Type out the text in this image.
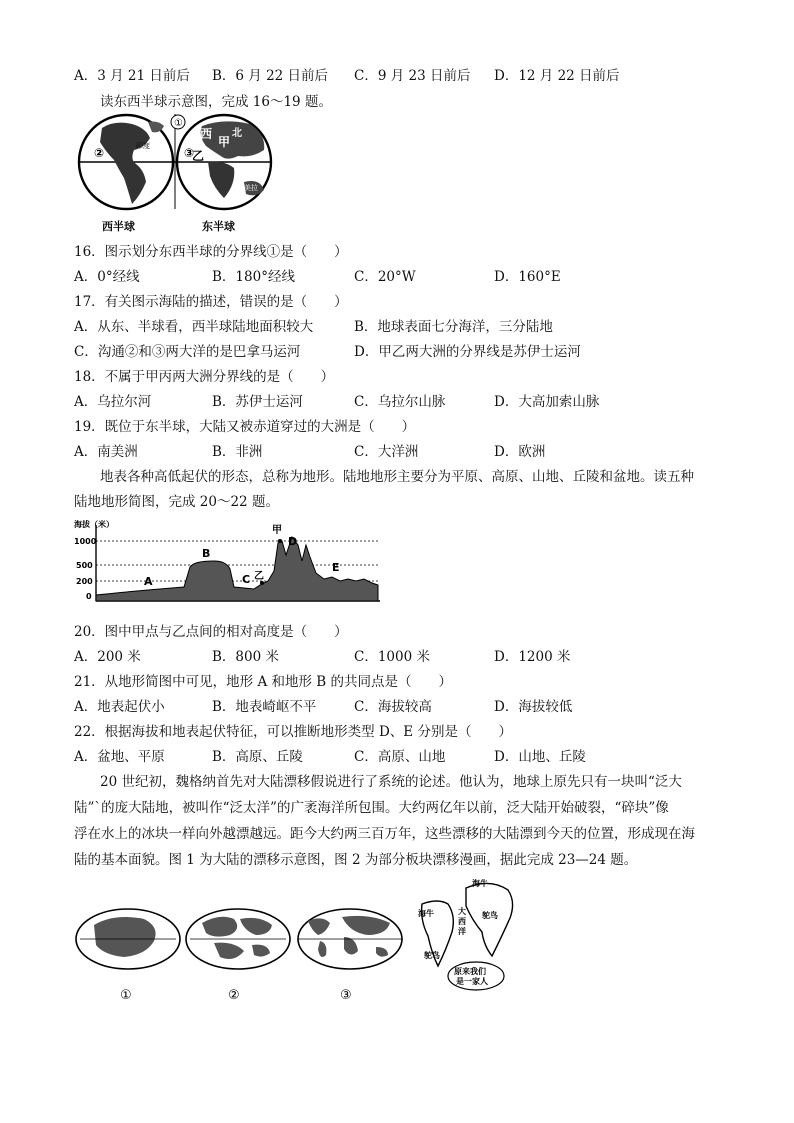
A．3 月 21 日前后 B．6 月 22 日前后 C．9 月 23 日前后 D．12 月 22 日前后
读东西半球示意图，完成 16～19 题。
①
②	③
西 北
甲
乙
印度
美拉
西半球	东半球
16．图示划分东西半球的分界线①是（　　）
A．0°经线	B．180°经线	C．20°W	D．160°E
17．有关图示海陆的描述，错误的是（　　）
A．从东、半球看，西半球陆地面积较大	B．地球表面七分海洋，三分陆地
C．沟通②和③两大洋的是巴拿马运河	D．甲乙两大洲的分界线是苏伊士运河
18．不属于甲丙两大洲分界线的是（　　）
A．乌拉尔河	B．苏伊士运河	C．乌拉尔山脉	D．大高加索山脉
19．既位于东半球，大陆又被赤道穿过的大洲是（　　）
A．南美洲	B．非洲	C．大洋洲	D．欧洲
地表各种高低起伏的形态，总称为地形。陆地地形主要分为平原、高原、山地、丘陵和盆地。读五种
陆地地形简图，完成 20～22 题。
海拔（米）
1000
500
200
0
甲
B
D
A	C 乙
E
20．图中甲点与乙点间的相对高度是（　　）
A．200 米	B．800 米	C．1000 米	D．1200 米
21．从地形简图中可见，地形 A 和地形 B 的共同点是（　　）
A．地表起伏小	B．地表崎岖不平	C．海拔较高	D．海拔较低
22．根据海拔和地表起伏特征，可以推断地形类型 D、E 分别是（　　）
A．盆地、平原	B．高原、丘陵	C．高原、山地	D．山地、丘陵
20 世纪初，魏格纳首先对大陆漂移假说进行了系统的论述。他认为，地球上原先只有一块叫“泛大
陆”`的庞大陆地，被叫作“泛太洋”的广袤海洋所包围。大约两亿年以前，泛大陆开始破裂，“碎块”像
浮在水上的冰块一样向外越漂越远。距今大约两三百万年，这些漂移的大陆漂到今天的位置，形成现在海
陆的基本面貌。图 1 为大陆的漂移示意图，图 2 为部分板块漂移漫画，据此完成 23—24 题。
①	②	③
原来我们
是一家人
海牛
海牛	大
西
洋
鸵鸟
鸵鸟
